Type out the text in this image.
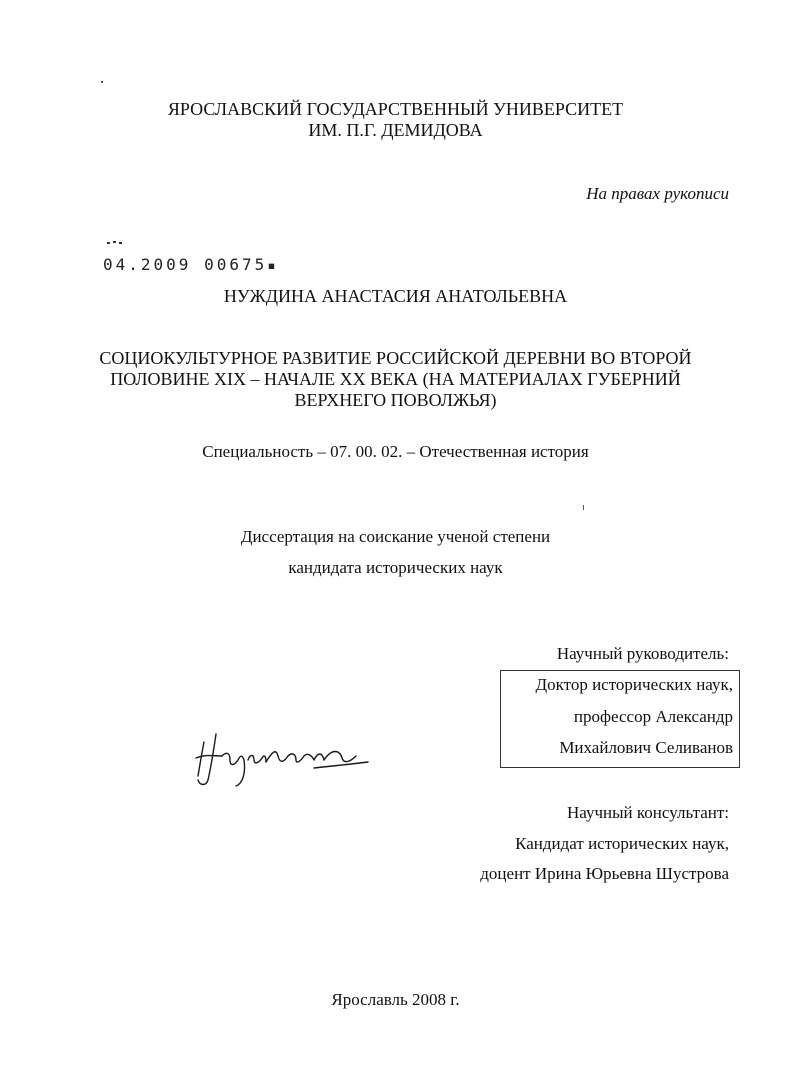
ЯРОСЛАВСКИЙ ГОСУДАРСТВЕННЫЙ УНИВЕРСИТЕТ
ИМ. П.Г. ДЕМИДОВА
На правах рукописи
04.2009 00675▪
НУЖДИНА АНАСТАСИЯ АНАТОЛЬЕВНА
СОЦИОКУЛЬТУРНОЕ РАЗВИТИЕ РОССИЙСКОЙ ДЕРЕВНИ ВО ВТОРОЙ
ПОЛОВИНЕ XIX – НАЧАЛЕ XX ВЕКА (НА МАТЕРИАЛАХ ГУБЕРНИЙ
ВЕРХНЕГО ПОВОЛЖЬЯ)
Специальность – 07. 00. 02. – Отечественная история
Диссертация на соискание ученой степени
кандидата исторических наук
Научный руководитель:
Доктор исторических наук,
профессор Александр
Михайлович Селиванов
Научный консультант:
Кандидат исторических наук,
доцент Ирина Юрьевна Шустрова
Ярославль 2008 г.
